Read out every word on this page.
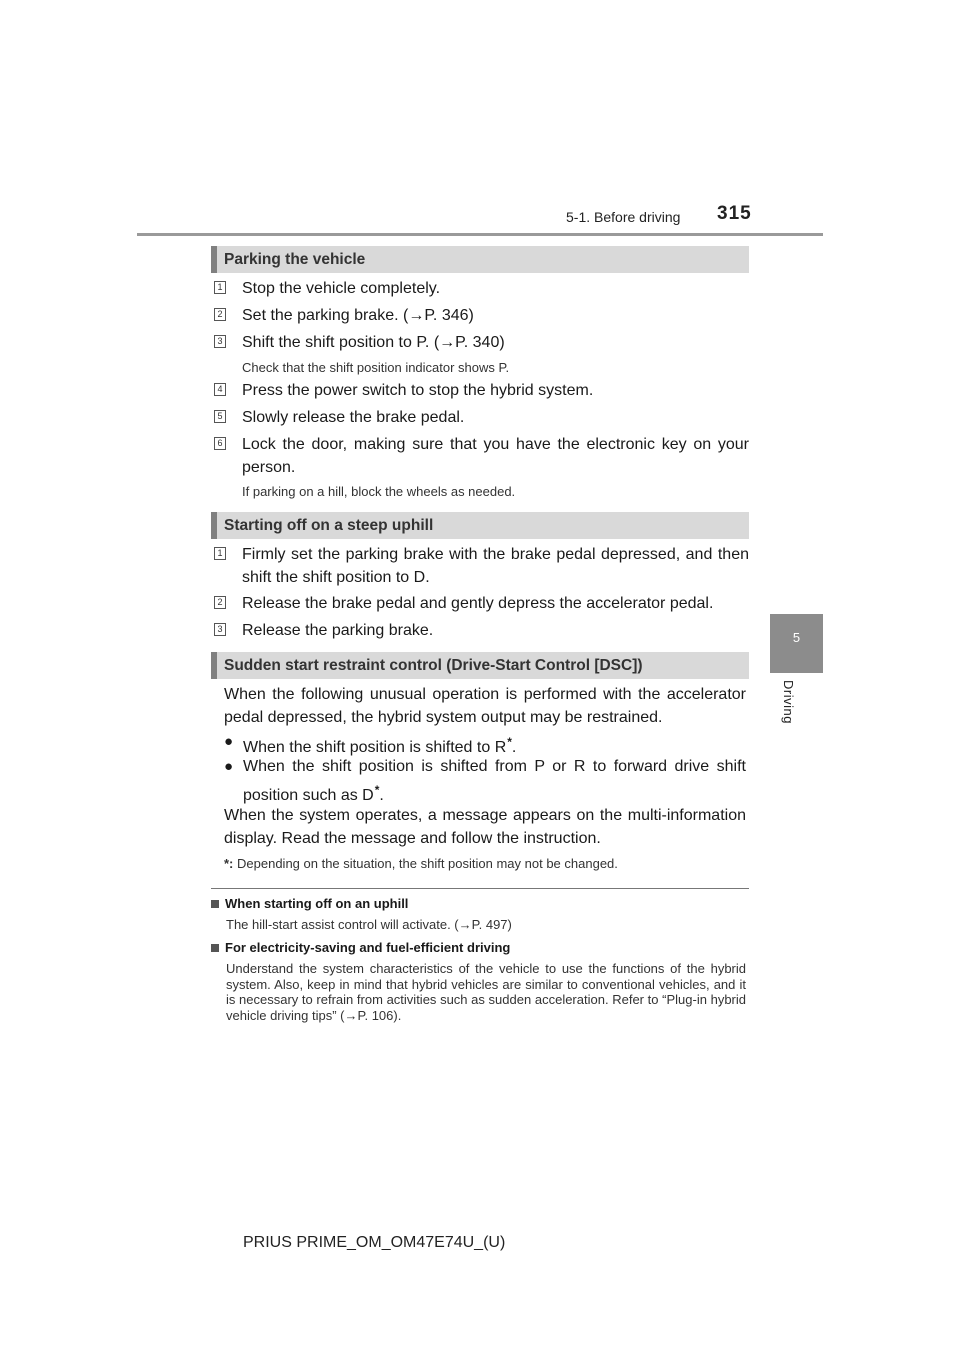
5-1. Before driving 315
5
Driving
Parking the vehicle
1 Stop the vehicle completely.
2 Set the parking brake. (→P. 346)
3 Shift the shift position to P. (→P. 340)
Check that the shift position indicator shows P.
4 Press the power switch to stop the hybrid system.
5 Slowly release the brake pedal.
6 Lock the door, making sure that you have the electronic key on your person.
If parking on a hill, block the wheels as needed.
Starting off on a steep uphill
1 Firmly set the parking brake with the brake pedal depressed, and then shift the shift position to D.
2 Release the brake pedal and gently depress the accelerator pedal.
3 Release the parking brake.
Sudden start restraint control (Drive-Start Control [DSC])
When the following unusual operation is performed with the accelerator pedal depressed, the hybrid system output may be restrained.
● When the shift position is shifted to R*.
● When the shift position is shifted from P or R to forward drive shift position such as D*.
When the system operates, a message appears on the multi-information display. Read the message and follow the instruction.
*: Depending on the situation, the shift position may not be changed.
When starting off on an uphill
The hill-start assist control will activate. (→P. 497)
For electricity-saving and fuel-efficient driving
Understand the system characteristics of the vehicle to use the functions of the hybrid system. Also, keep in mind that hybrid vehicles are similar to conventional vehicles, and it is necessary to refrain from activities such as sudden acceleration. Refer to “Plug-in hybrid vehicle driving tips” (→P. 106).
PRIUS PRIME_OM_OM47E74U_(U)
